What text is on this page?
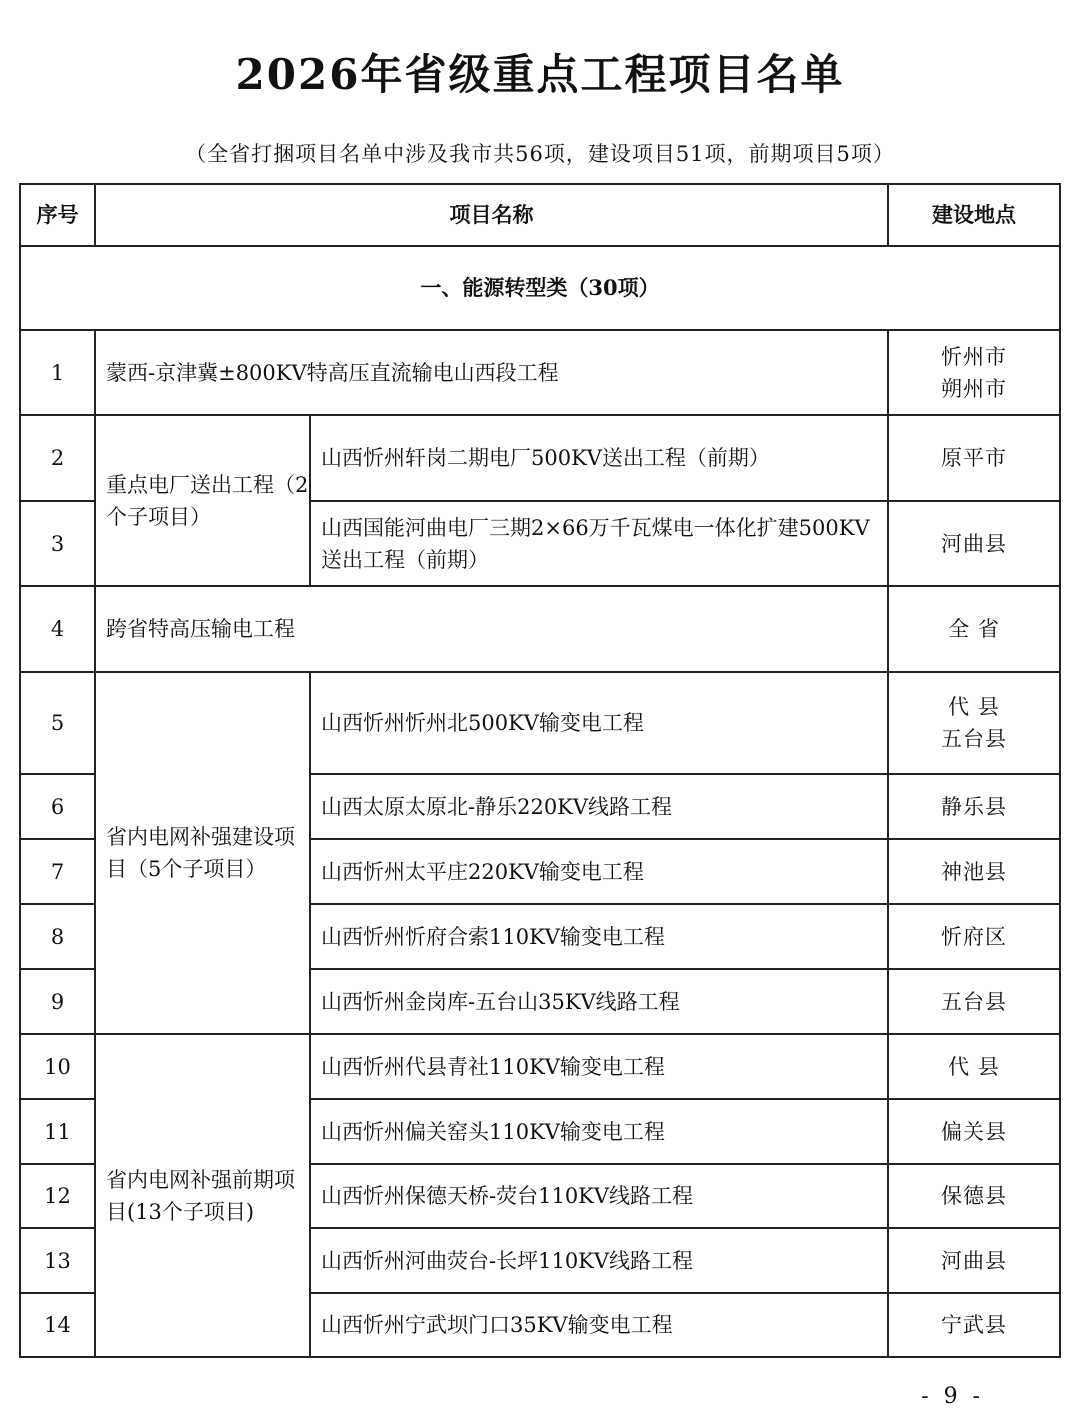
2026年省级重点工程项目名单
（全省打捆项目名单中涉及我市共56项，建设项目51项，前期项目5项）
序号	项目名称		建设地点
一、能源转型类（30项）			
1	蒙西-京津冀±800KV特高压直流输电山西段工程		忻州市
朔州市

2	重点电厂送出工程（2个子项目）	山西忻州轩岗二期电厂500KV送出工程（前期）	原平市

3		山西国能河曲电厂三期2×66万千瓦煤电一体化扩建500KV送出工程（前期）	河曲县

4	跨省特高压输电工程		全 省

5	省内电网补强建设项目（5个子项目）	山西忻州忻州北500KV输变电工程	代 县
五台县

6		山西太原太原北-静乐220KV线路工程	静乐县

7		山西忻州太平庄220KV输变电工程	神池县

8		山西忻州忻府合索110KV输变电工程	忻府区

9		山西忻州金岗库-五台山35KV线路工程	五台县

10	省内电网补强前期项目(13个子项目)	山西忻州代县青社110KV输变电工程	代 县

11		山西忻州偏关窑头110KV输变电工程	偏关县

12		山西忻州保德天桥-荧台110KV线路工程	保德县

13		山西忻州河曲荧台-长坪110KV线路工程	河曲县

14		山西忻州宁武坝门口35KV输变电工程	宁武县
- 9 -
